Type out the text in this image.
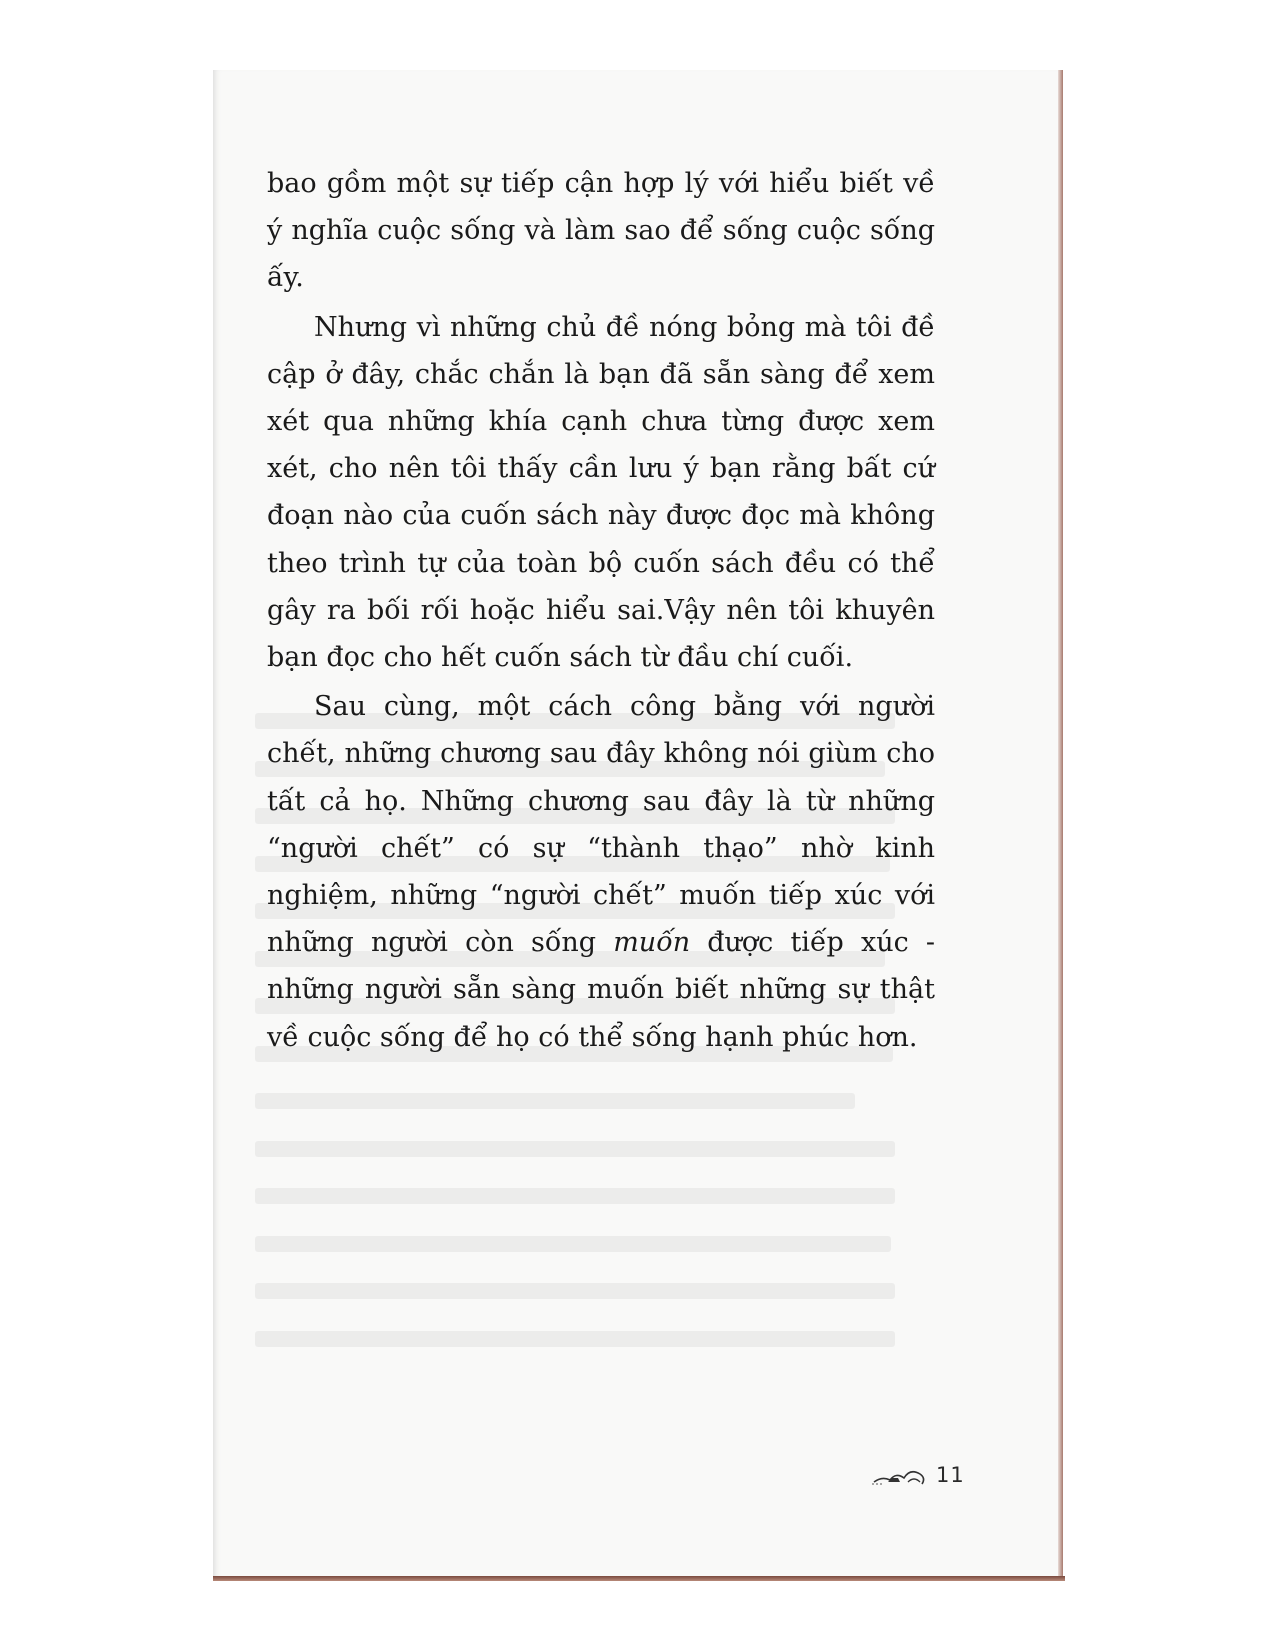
bao gồm một sự tiếp cận hợp lý với hiểu biết về ý nghĩa cuộc sống và làm sao để sống cuộc sống ấy.

Nhưng vì những chủ đề nóng bỏng mà tôi đề cập ở đây, chắc chắn là bạn đã sẵn sàng để xem xét qua những khía cạnh chưa từng được xem xét, cho nên tôi thấy cần lưu ý bạn rằng bất cứ đoạn nào của cuốn sách này được đọc mà không theo trình tự của toàn bộ cuốn sách đều có thể gây ra bối rối hoặc hiểu sai.Vậy nên tôi khuyên bạn đọc cho hết cuốn sách từ đầu chí cuối.

Sau cùng, một cách công bằng với người chết, những chương sau đây không nói giùm cho tất cả họ. Những chương sau đây là từ những “người chết” có sự “thành thạo” nhờ kinh nghiệm, những “người chết” muốn tiếp xúc với những người còn sống muốn được tiếp xúc - những người sẵn sàng muốn biết những sự thật về cuộc sống để họ có thể sống hạnh phúc hơn.

11
